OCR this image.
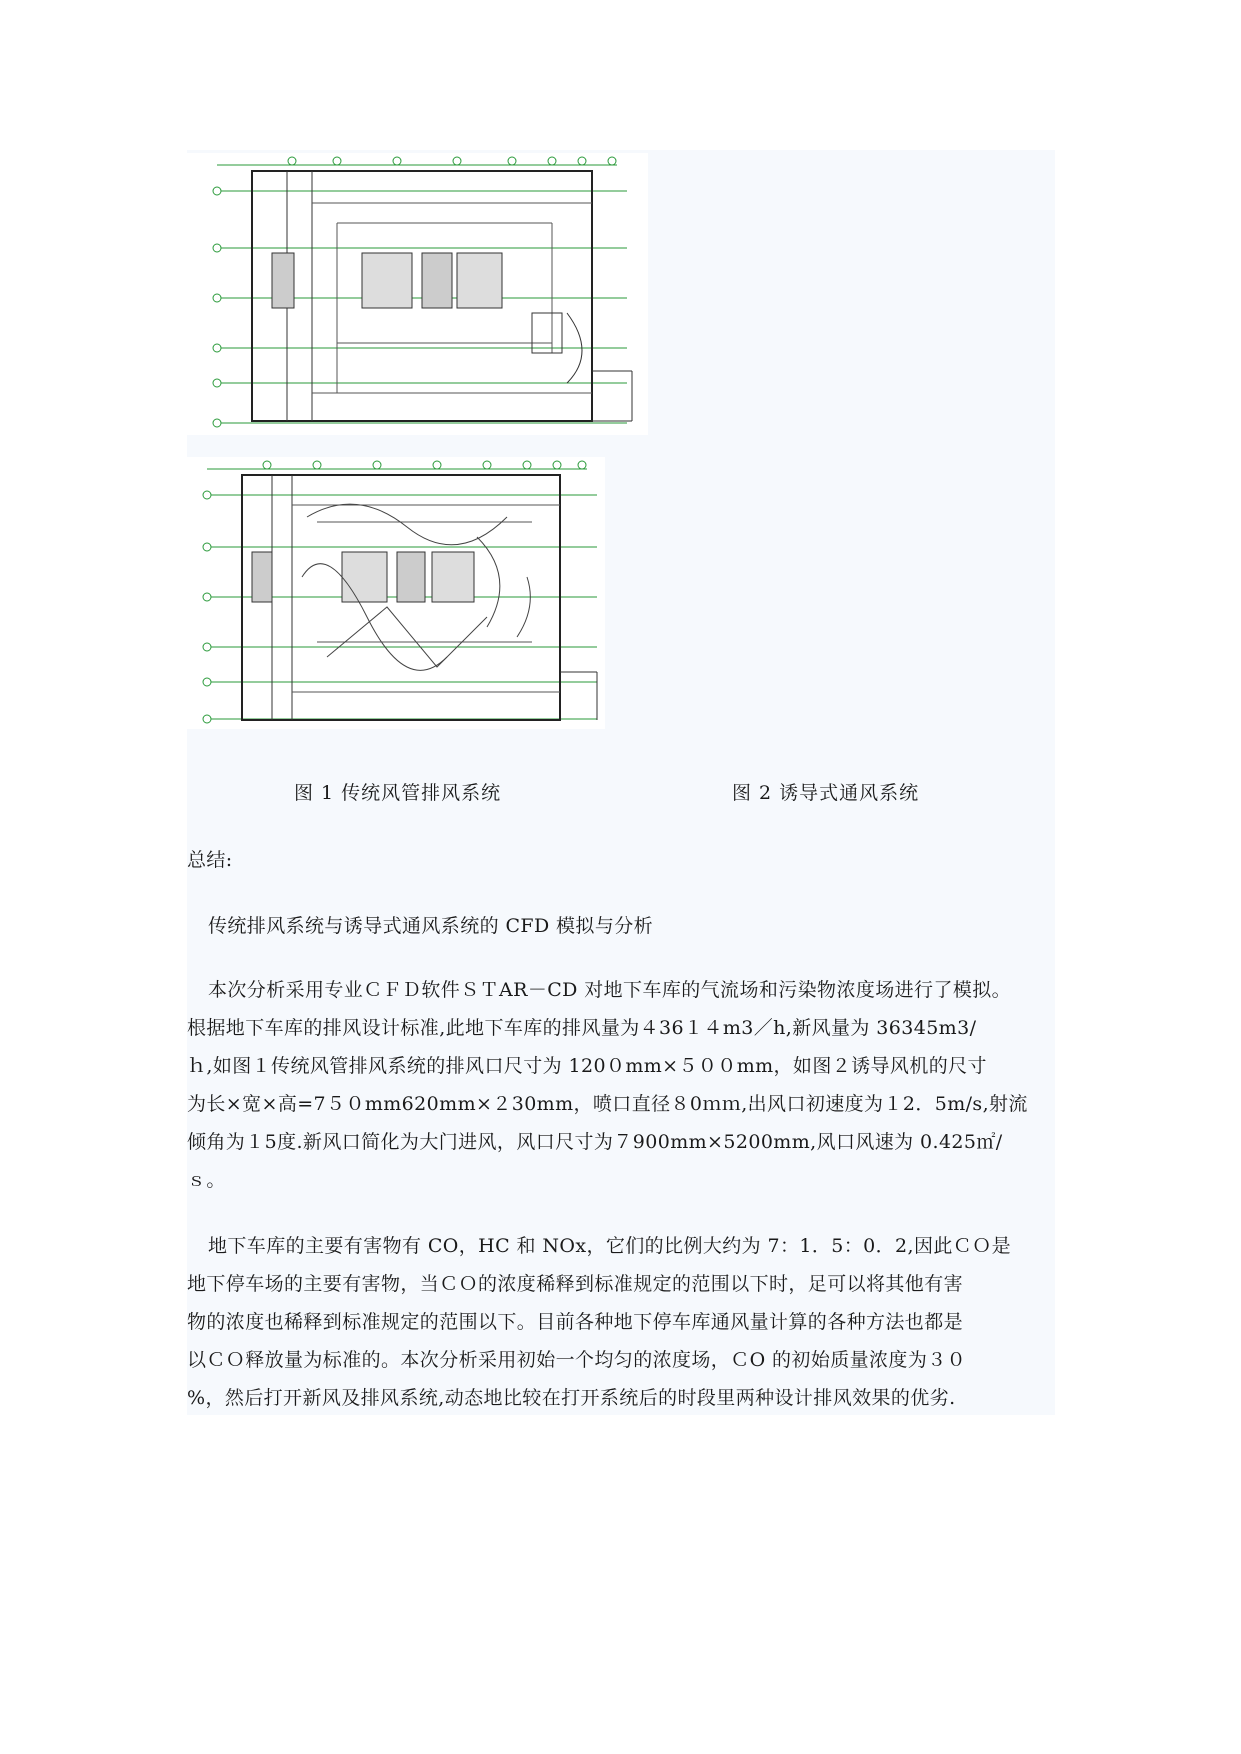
图 1 传统风管排风系统	图 2 诱导式通风系统
总结:
传统排风系统与诱导式通风系统的 CFD 模拟与分析
本次分析采用专业ＣＦＤ软件ＳＴAR－CD 对地下车库的气流场和污染物浓度场进行了模拟。
根据地下车库的排风设计标准,此地下车库的排风量为４36１４m3／h,新风量为 36345m3/
ｈ,如图１传统风管排风系统的排风口尺寸为 120０mm×５００mm，如图２诱导风机的尺寸
为长×宽×高=7５０mm620mm×２30mm，喷口直径８0ｍｍ,出风口初速度为１2．5m/s,射流
倾角为１5度.新风口简化为大门进风，风口尺寸为７900mm×5200mm,风口风速为 0.425㎡/
ｓ。
地下车库的主要有害物有 CO，HC 和 NOx，它们的比例大约为 7：1．5：0．2,因此ＣＯ是
地下停车场的主要有害物，当ＣＯ的浓度稀释到标准规定的范围以下时，足可以将其他有害
物的浓度也稀释到标准规定的范围以下。目前各种地下停车库通风量计算的各种方法也都是
以ＣＯ释放量为标准的。本次分析采用初始一个均匀的浓度场，ＣO 的初始质量浓度为３０
%，然后打开新风及排风系统,动态地比较在打开系统后的时段里两种设计排风效果的优劣.
